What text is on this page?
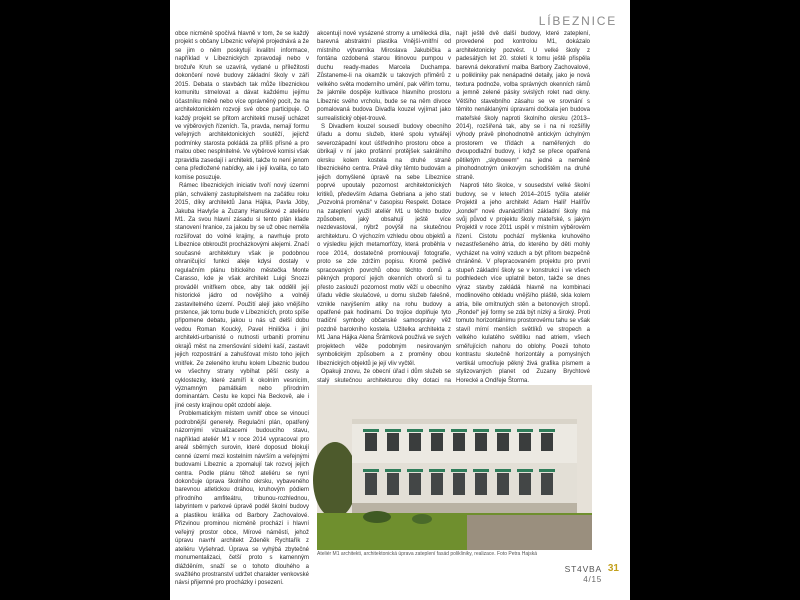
LÍBEZNICE

obce nicméně spočívá hlavně v tom, že se každý projekt s občany Líbeznic veřejně projednává a že se jim o něm poskytují kvalitní informace, například v Líbeznických zpravodaji nebo v brožuře Kruh se uzavírá, vydané u příležitosti dokončení nové budovy základní školy v září 2015. Debata o stavbách tak může líbeznickou komunitu stmelovat a dávat každému jejímu účastníku měně nebo více oprávněný pocit, že na architektonickém rozvoji své obce participuje. O každý projekt se přitom architekti musejí ucházet ve výběrových řízeních. Ta, pravda, nemají formu veřejných architektonických soutěží, jejichž podmínky starosta pokládá za příliš přísné a pro malou obec nesplnitelné. Ve výběrové komisi však zpravidla zasedají i architekti, takže to není jenom cena předložené nabídky, ale i její kvalita, co tato komise posuzuje.

Rámec líbeznických iniciativ tvoří nový územní plán, schválený zastupitelstvem na začátku roku 2015, díky architektů Jana Hájka, Pavla Jóby, Jakuba Havlyše a Zuzany Hanuškové z ateliéru M1. Za svou hlavní zásadu si tento plán klade stanovení hranice, za jakou by se už obec neměla rozšiřovat do volné krajiny, a navrhuje proto Líbeznice obkroužit procházkovými alejemi. Značí současné architektury však je podobnou ohraničující funkci aleje kdysi dostaly v regulačním plánu bítického městečka Monte Carasso, kde je však architekt Luigi Snozzi prováděl vnitřkem obce, aby tak oddělil její historické jádro od novějšího a volněji zastavitelného území. Použití alejí jako vnějšího prstence, jak tomu bude v Líbeznicích, proto spíše připomene debatu, jakou u nás už delší dobu vedou Roman Koucký, Pavel Hnilička i jiní architekti-urbanisté o nutnosti urbaniti prominu okrajů měst na zmenšování sídelní kaší, zastavit jejich rozpostrání a zahušťovat místo toho jejich vnitřek. Ze zeleného kruhu kolem Líbeznic budou ve všechny strany vybíhat pěší cesty a cyklostezky, které zamíří k okolním vesnicím, významným památkám nebo přírodním dominantám. Cestu ke kopci Na Beckově, ale i jiné cesty krajinou opět ozdobí aleje.

Problematickým místem uvnitř obce se vinoucí podrobnější generely. Regulační plán, opatřený názornými vizualizacemi budoucího stavu, například ateliér M1 v roce 2014 vypracoval pro areál sběrných surovin, které doposud blokují cenné území mezi kostelním návrším a veřejnými budovami Líbeznic a zpomalují tak rozvoj jejich centra. Podle plánu těhož ateliéru se nyní dokončuje úprava školního okrsku, vybaveného barevnou atletickou dráhou, kruhovým pódiem přírodního amfiteátru, tribunou-rozhlednou, labyrintem v parkové úpravě podél školní budovy a plastikou králíka od Barbory Zachovalové. Přizvinou prominou nicméně prochází i hlavní veřejný prostor obce, Mírové náměstí, jehož úpravu navrhl architekt Zdeněk Rychtařík z ateliéru Vyšehrad. Úprava se vyhýbá zbytečné monumentalizaci, četší proto s kamenným dlážděním, snaží se o tohoto dlouhého a svažitého prostranství udržet charakter venkovské návsi přijemné pro procházky i posezení.

akcentují nové vysázené stromy a umělecká díla, barevná abstraktní plastika Vnější-vnitřní od místního výtvarníka Miroslava Jakubíčka a fontána ozdobená starou litinovou pumpou v duchu ready-mades Marcela Duchampa. Zůstaneme-li na okamžik u takových příměrů z velkého světa moderního umění, pak věřím tomu, že jakmile dospěje kultivace hlavního prostoru Líbeznic svého vrcholu, bude se na něm dívoce pomalovaná budova Divadla kouzel vyjímat jako surrealistický objet-trouvé.

S Divadlem kouzel sousedí budovy obecního úřadu a domu služeb, které spolu vytvářejí severozápadní kout úštředního prostoru obce a úbrikají v ní jako profánní protějšek sakrálního okrsku kolem kostela na druhé straně líbeznického centra. Právě díky těmto budovám a jejich domyšlené úpravě na sebe Líbeznice poprvé upoutaly pozornost architektonických kritiků, především Adama Gebriana a jeho stati „Pozvolná proměna“ v časopisu Respekt. Dotace na zateplení využil ateliér M1 u těchto budov způsobem, jaký obsahují ještě více nezdevastoval, nýbrž povýšil na skutečnou architekturu. O výchozím vzhledu obou objektů a o výsledku jejich metamorfózy, která proběhla v roce 2014, dostatečně promlouvají fotografie, proto se zde zdržím popisu. Kromě pečlivé spracovaných povrchů obou těchto domů a pěkných proporcí jejich okenních otvorů si tu přesto zaslouží pozornost motiv věží u obecního úřadu vědle skulačové, u domu služeb falešně, vznikle navýšením atiky na rohu budovy a opatřené pak hodinami. Do trojice doplňuje tyto tradiční symboly občanské samosprávy věž pozdně barokního kostela. Užitelka architekta z M1 Jana Hájka Alena Šrámková používá ve svých projektech věže podobným nesirovaným symbolickým způsobem a z proměny obou líbeznických objektů je její vliv vyčtěl.

Opakuji znovu, že obecní úřad i dům služeb se stalý skutečnou architekturou díky dotaci na

najít ještě dvě další budovy, které zateplení, provedené pod kontrolou M1, dokázalo architektonicky pozvést. U velké školy z padesátých let 20. století k tomu ještě přispěla barevná dekorativní malba Barbory Zachovalové, u polikliniky pak nenápadné detaily, jako je nová textura podnože, volba správných okenních rámů a jemně zelené pásky svislých rolet nad okny. Většího stavebního zásahu se ve srovnání s těmito nenáklanými úpravami dočkala jen budova mateřské školy naproti školního okrsku (2013–2014), rozšířená tak, aby se i na ni rozšířily výhody právě plnohodnotně antickým úchylným prostorem ve třídách a naměřených do dvoupodlažní budovy, i když se přece opatřená pětiletým „skybowem“ na jedné a neměně plnohodnotným únikovým schodištěm na druhé straně.

Naproti této školce, v sousedství velké školní budovy, se v letech 2014–2015 tyčila ateliér Projektil a jeho architekt Adam Halíř Halířův „kondel“ nové dvanáctiřídní základní školy má svůj původ v projektu školy mateřské, s jakým Projektil v roce 2011 uspěl v místním výběrovém řízení. Cistotu pochází myšlenka kruhového nezastřešeného átria, do kterého by děti mohly vycházet na volný vzduch a být přitom bezpečně chráněné. V přepracovaném projektu pro první stupeň základní školy se v konstrukci i ve všech podhledech více uplatnil beton, takže se dnes výraz stavby zakládá hlavně na kombinaci modlinového obkladu vnějšího pláště, skla kolem atria, bíle omítnutých stěn a betonových stropů. „Rondel“ její formy se zdá být nízký a široký. Proti tomuto horizontálnímu prostorovému tahu se však stavíl mírní menších světlíků ve stropech a velkého kulatého světlíku nad atriem, všech směřujících nahoru do oblohy. Poezii tohoto kontrastu skutečně horizontály a pomyslných vertikál umocňuje pěkný živá grafika písmem a stylizovaných planet od Zuzany Brychtové Horecké a Ondřeje Štorma.

Ateliér M1 architekti, architektonická úprava zateplení fasád polikliniky, realizace. Foto Petra Hajská
ST4VBA 31
4/15
